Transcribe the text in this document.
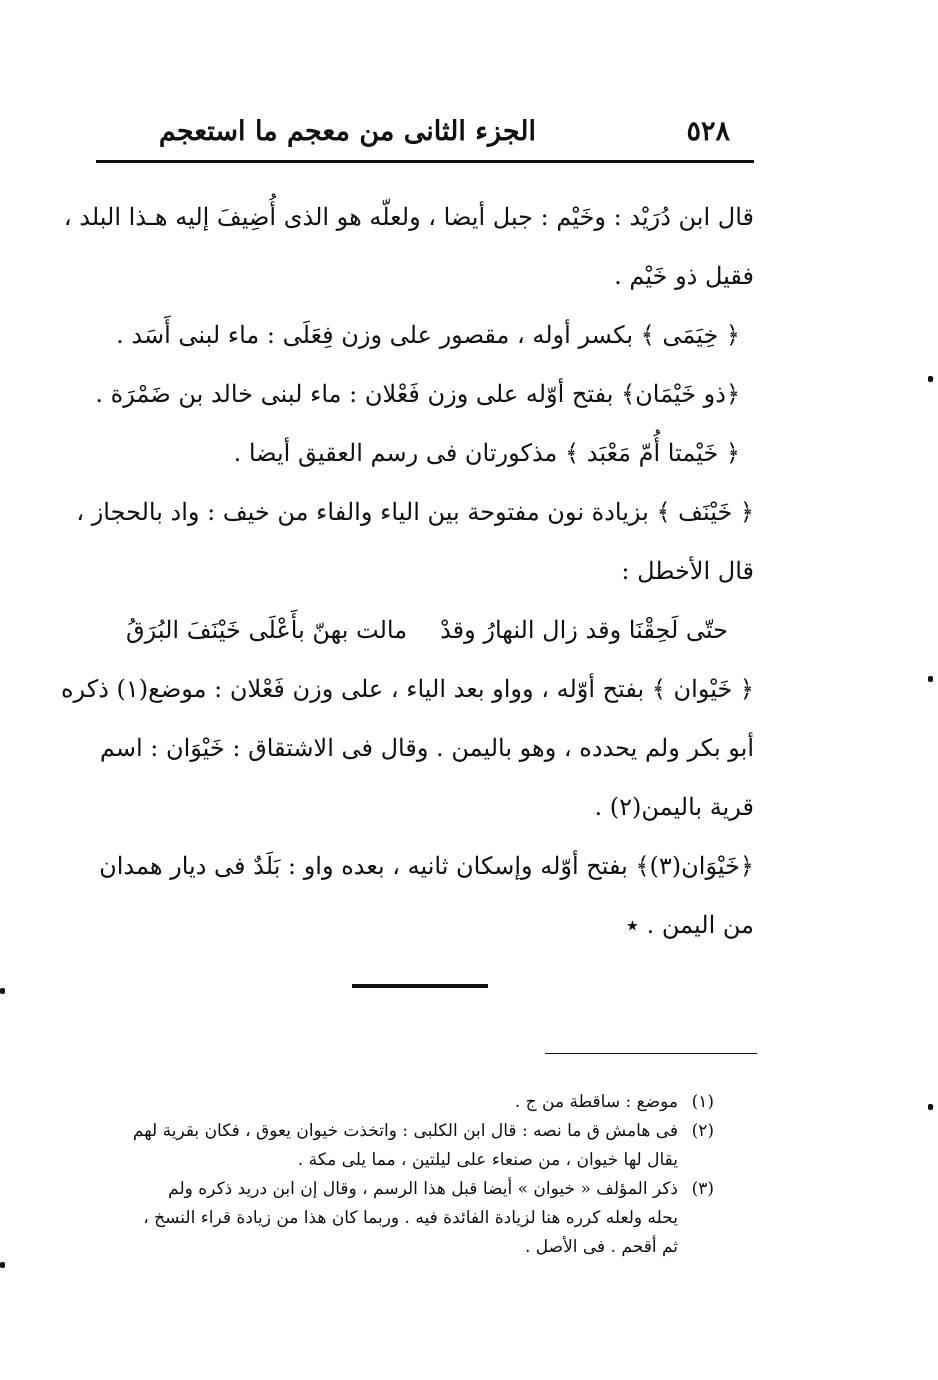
٥٢٨
الجزء الثانى من معجم ما استعجم
قال ابن دُرَيْد : وخَيْم : جبل أيضا ، ولعلّه هو الذى أُضِيفَ إليه هـذا البلد ،
فقيل ذو خَيْم .
﴿ خِيَمَى ﴾ بكسر أوله ، مقصور على وزن فِعَلَى : ماء لبنى أَسَد .
﴿ذو خَيْمَان﴾ بفتح أوّله على وزن فَعْلان : ماء لبنى خالد بن ضَمْرَة .
﴿ خَيْمتا أُمّ مَعْبَد ﴾ مذكورتان فى رسم العقيق أيضا .
﴿ خَيْنَف ﴾ بزيادة نون مفتوحة بين الياء والفاء من خيف : واد بالحجاز ،
قال الأخطل :
حتّى لَحِقْنَا وقد زال النهارُ وقدْ
مالت بهنّ بأَعْلَى خَيْنَفَ البُرَقُ
﴿ خَيْوان ﴾ بفتح أوّله ، وواو بعد الياء ، على وزن فَعْلان : موضع(١) ذكره
أبو بكر ولم يحدده ، وهو باليمن . وقال فى الاشتقاق : خَيْوَان : اسم
قرية باليمن(٢) .
﴿خَيْوَان(٣)﴾ بفتح أوّله وإسكان ثانيه ، بعده واو : بَلَدٌ فى ديار همدان
من اليمن . ٭
(١)
موضع : ساقطة من ج .
(٢)
فى هامش ق ما نصه : قال ابن الكلبى : واتخذت خيوان يعوق ، فكان بقرية لهم
يقال لها خيوان ، من صنعاء على ليلتين ، مما يلى مكة .
(٣)
ذكر المؤلف « خيوان » أيضا قبل هذا الرسم ، وقال إن ابن دريد ذكره ولم
يحله ولعله كرره هنا لزيادة الفائدة فيه . وربما كان هذا من زيادة قراء النسخ ،
ثم أقحم . فى الأصل .
